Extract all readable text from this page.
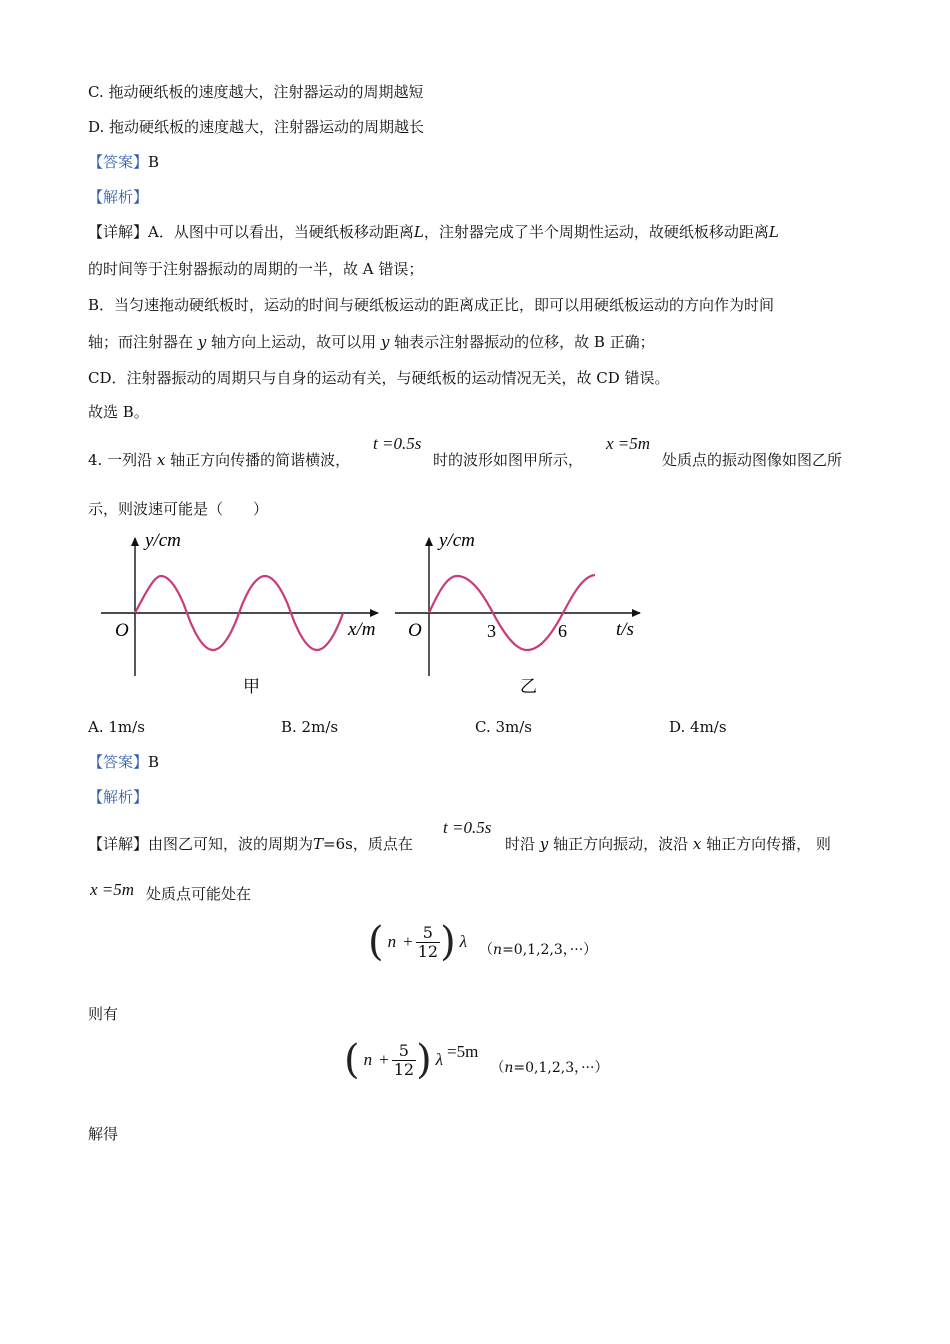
C. 拖动硬纸板的速度越大，注射器运动的周期越短
D. 拖动硬纸板的速度越大，注射器运动的周期越长
【答案】B
【解析】
【详解】A．从图中可以看出，当硬纸板移动距离L，注射器完成了半个周期性运动，故硬纸板移动距离L
的时间等于注射器振动的周期的一半，故 A 错误；
B．当匀速拖动硬纸板时，运动的时间与硬纸板运动的距离成正比，即可以用硬纸板运动的方向作为时间
轴；而注射器在 y 轴方向上运动，故可以用 y 轴表示注射器振动的位移，故 B 正确；
CD．注射器振动的周期只与自身的运动有关，与硬纸板的运动情况无关，故 CD 错误。
故选 B。
4. 一列沿 x 轴正方向传播的简谐横波，
t =0.5s
时的波形如图甲所示，
x =5m
处质点的振动图像如图乙所
示，则波速可能是（　　）
y/cm
x/m
O
甲
y/cm
t/s
O	3	6
乙
A. 1m/s	B. 2m/s	C. 3m/s	D. 4m/s
【答案】B
【解析】
【详解】由图乙可知，波的周期为T=6s，质点在
t =0.5s
时沿 y 轴正方向振动，波沿 x 轴正方向传播， 则
x =5m 处质点可能处在
( $n + \frac{5}{12}$ ) λ （n=0,1,2,3，···）
则有
( $n + \frac{5}{12}$ ) λ =5m
（n=0,1,2,3，···）
解得
